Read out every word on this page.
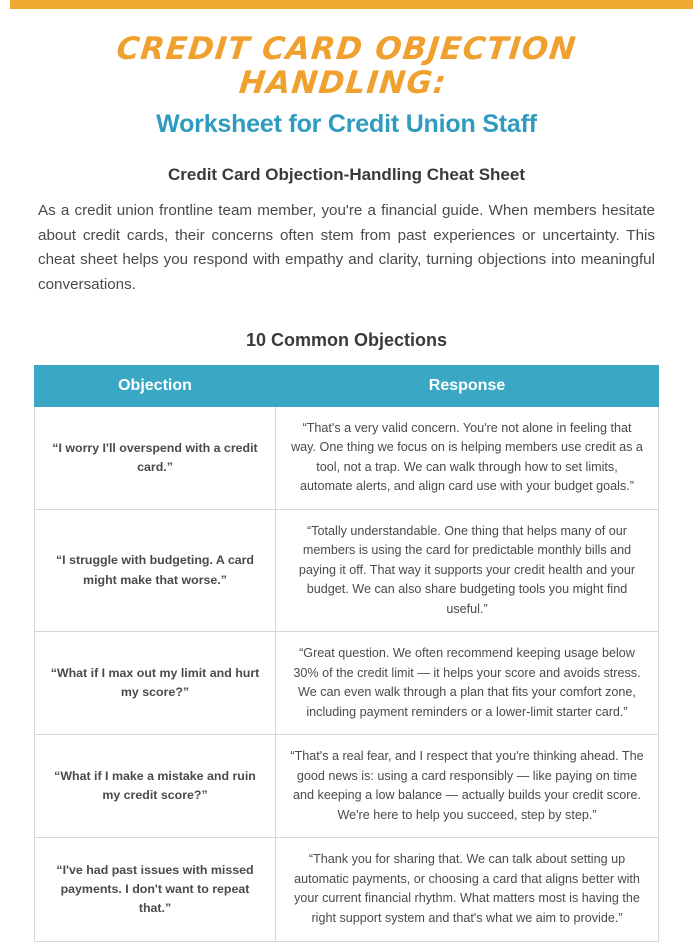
CREDIT CARD OBJECTION HANDLING:
Worksheet for Credit Union Staff
Credit Card Objection-Handling Cheat Sheet

As a credit union frontline team member, you're a financial guide. When members hesitate about credit cards, their concerns often stem from past experiences or uncertainty. This cheat sheet helps you respond with empathy and clarity, turning objections into meaningful conversations.

10 Common Objections
Objection	Response
“I worry I'll overspend with a credit card.”	“That's a very valid concern. You're not alone in feeling that way. One thing we focus on is helping members use credit as a tool, not a trap. We can walk through how to set limits, automate alerts, and align card use with your budget goals.”
“I struggle with budgeting. A card might make that worse.”	“Totally understandable. One thing that helps many of our members is using the card for predictable monthly bills and paying it off. That way it supports your credit health and your budget. We can also share budgeting tools you might find useful.”
“What if I max out my limit and hurt my score?”	“Great question. We often recommend keeping usage below 30% of the credit limit — it helps your score and avoids stress. We can even walk through a plan that fits your comfort zone, including payment reminders or a lower-limit starter card.”
“What if I make a mistake and ruin my credit score?”	“That's a real fear, and I respect that you're thinking ahead. The good news is: using a card responsibly — like paying on time and keeping a low balance — actually builds your credit score. We're here to help you succeed, step by step.”
“I've had past issues with missed payments. I don't want to repeat that.”	“Thank you for sharing that. We can talk about setting up automatic payments, or choosing a card that aligns better with your current financial rhythm. What matters most is having the right support system and that's what we aim to provide.”
